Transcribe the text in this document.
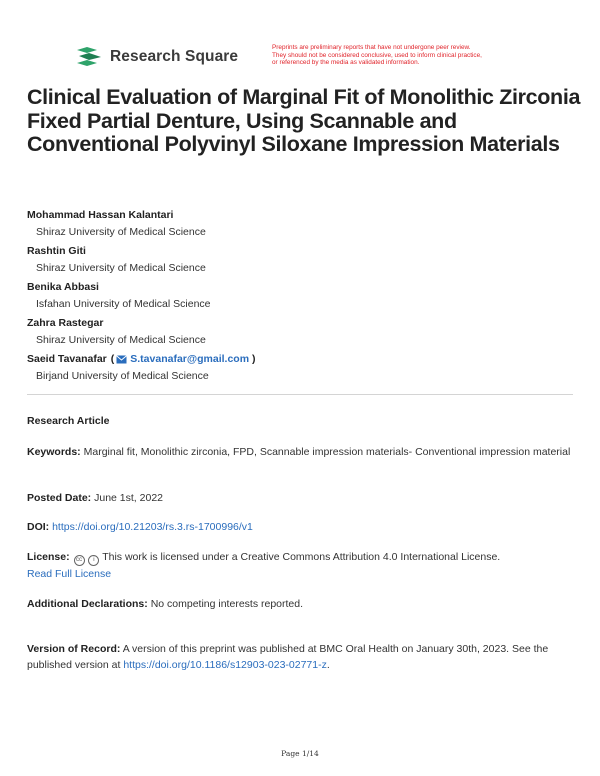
Research Square
Preprints are preliminary reports that have not undergone peer review.
They should not be considered conclusive, used to inform clinical practice,
or referenced by the media as validated information.
Clinical Evaluation of Marginal Fit of Monolithic Zirconia Fixed Partial Denture, Using Scannable and Conventional Polyvinyl Siloxane Impression Materials
Mohammad Hassan Kalantari
Shiraz University of Medical Science
Rashtin Giti
Shiraz University of Medical Science
Benika Abbasi
Isfahan University of Medical Science
Zahra Rastegar
Shiraz University of Medical Science
Saeid Tavanafar ( S.tavanafar@gmail.com )
Birjand University of Medical Science
Research Article
Keywords: Marginal fit, Monolithic zirconia, FPD, Scannable impression materials- Conventional impression material
Posted Date: June 1st, 2022
DOI: https://doi.org/10.21203/rs.3.rs-1700996/v1
License: cc i This work is licensed under a Creative Commons Attribution 4.0 International License.
Read Full License
Additional Declarations: No competing interests reported.
Version of Record: A version of this preprint was published at BMC Oral Health on January 30th, 2023. See the published version at https://doi.org/10.1186/s12903-023-02771-z.
Page 1/14
